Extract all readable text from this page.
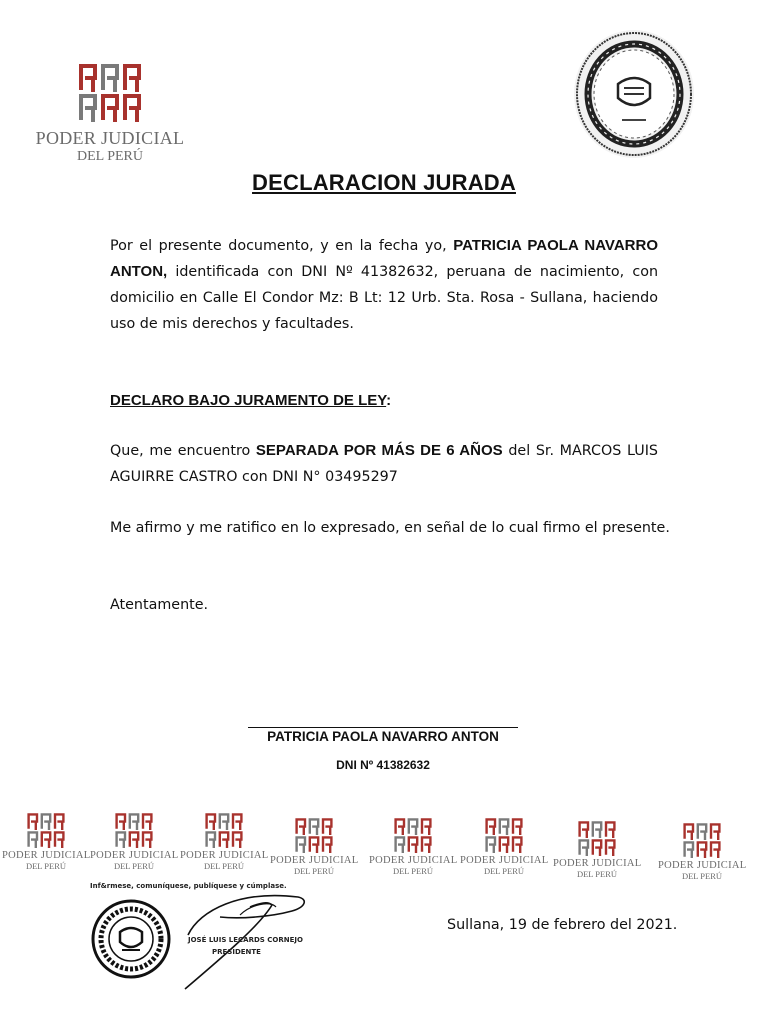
PODER JUDICIAL
DEL PERÚ
DECLARACION JURADA
Por el presente documento, y en la fecha yo, PATRICIA PAOLA NAVARRO ANTON, identificada con DNI Nº 41382632, peruana de nacimiento, con domicilio en Calle El Condor Mz: B Lt: 12 Urb. Sta. Rosa - Sullana, haciendo uso de mis derechos y facultades.
DECLARO BAJO JURAMENTO DE LEY:
Que, me encuentro SEPARADA POR MÁS DE 6 AÑOS del Sr. MARCOS LUIS AGUIRRE CASTRO con DNI N° 03495297
Me afirmo y me ratifico en lo expresado, en señal de lo cual firmo el presente.
Atentamente.
PATRICIA PAOLA NAVARRO ANTON
DNI Nº 41382632
PODER JUDICIAL
DEL PERÚ
PODER JUDICIAL
DEL PERÚ
PODER JUDICIAL
DEL PERÚ	PODER JUDICIAL
DEL PERÚ
PODER JUDICIAL
DEL PERÚ
PODER JUDICIAL
DEL PERÚ
PODER JUDICIAL
DEL PERÚ
PODER JUDICIAL
DEL PERÚ
Inf&rmese, comuníquese, publíquese y cúmplase.
JOSÉ LUIS LECARDS CORNEJO
PRESIDENTE
Sullana, 19 de febrero del 2021.
